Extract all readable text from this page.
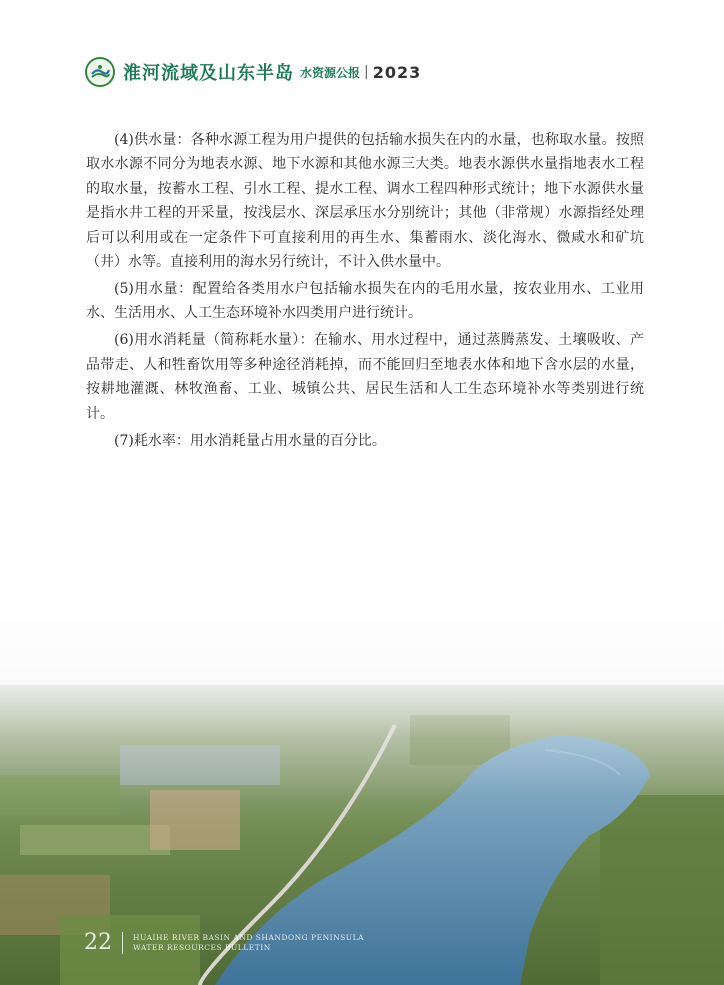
淮河流域及山东半岛 水资源公报 | 2023

(4)供水量：各种水源工程为用户提供的包括输水损失在内的水量，也称取水量。按照取水水源不同分为地表水源、地下水源和其他水源三大类。地表水源供水量指地表水工程的取水量，按蓄水工程、引水工程、提水工程、调水工程四种形式统计；地下水源供水量是指水井工程的开采量，按浅层水、深层承压水分别统计；其他（非常规）水源指经处理后可以利用或在一定条件下可直接利用的再生水、集蓄雨水、淡化海水、微咸水和矿坑（井）水等。直接利用的海水另行统计，不计入供水量中。

(5)用水量：配置给各类用水户包括输水损失在内的毛用水量，按农业用水、工业用水、生活用水、人工生态环境补水四类用户进行统计。

(6)用水消耗量（简称耗水量）：在输水、用水过程中，通过蒸腾蒸发、土壤吸收、产品带走、人和牲畜饮用等多种途径消耗掉，而不能回归至地表水体和地下含水层的水量，按耕地灌溉、林牧渔畜、工业、城镇公共、居民生活和人工生态环境补水等类别进行统计。

(7)耗水率：用水消耗量占用水量的百分比。

22	HUAIHE RIVER BASIN AND SHANDONG PENINSULA
WATER RESOURCES BULLETIN
